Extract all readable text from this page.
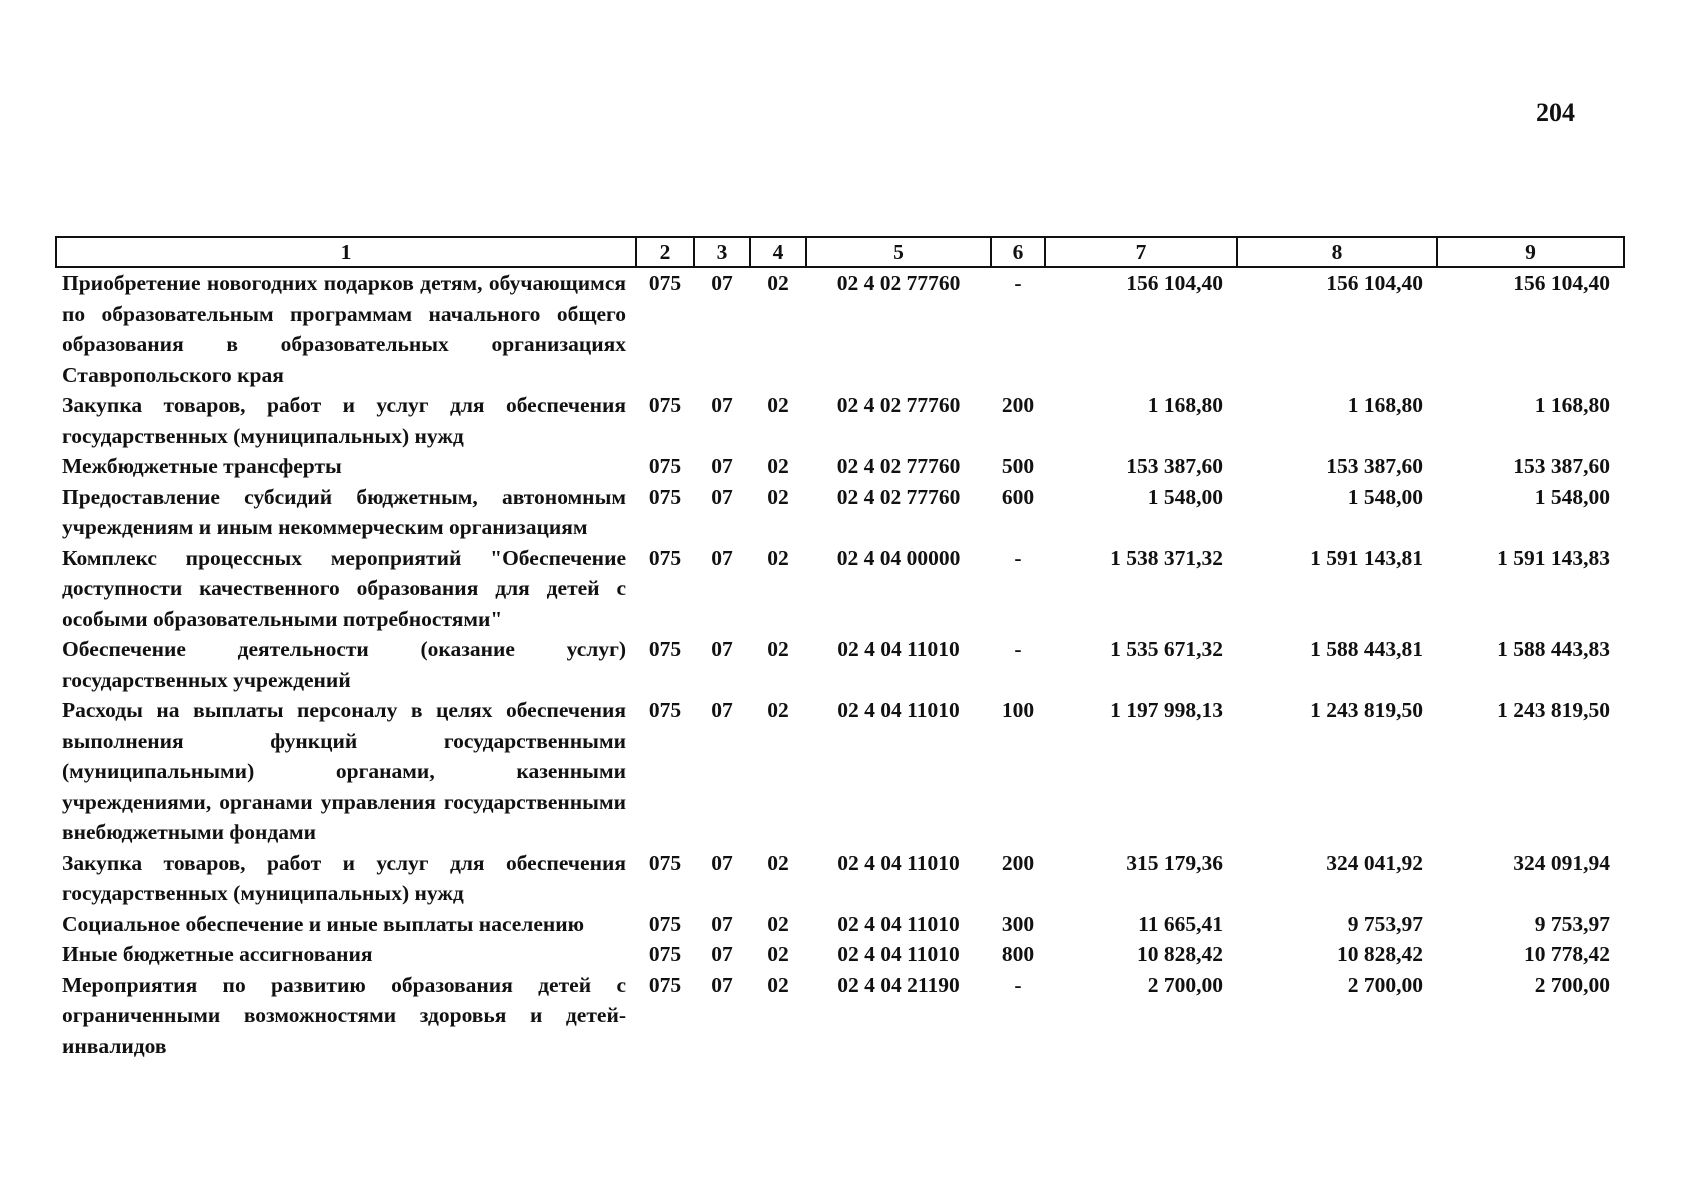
204
1	2	3	4	5	6	7	8	9
Приобретение новогодних подарков детям, обучающимся по образовательным программам начального общего образования в образовательных организациях Ставропольского края	075	07	02	02 4 02 77760	-	156 104,40	156 104,40	156 104,40
Закупка товаров, работ и услуг для обеспечения государственных (муниципальных) нужд	075	07	02	02 4 02 77760	200	1 168,80	1 168,80	1 168,80
Межбюджетные трансферты	075	07	02	02 4 02 77760	500	153 387,60	153 387,60	153 387,60
Предоставление субсидий бюджетным, автономным учреждениям и иным некоммерческим организациям	075	07	02	02 4 02 77760	600	1 548,00	1 548,00	1 548,00
Комплекс процессных мероприятий "Обеспечение доступности качественного образования для детей с особыми образовательными потребностями"	075	07	02	02 4 04 00000	-	1 538 371,32	1 591 143,81	1 591 143,83
Обеспечение деятельности (оказание услуг) государственных учреждений	075	07	02	02 4 04 11010	-	1 535 671,32	1 588 443,81	1 588 443,83
Расходы на выплаты персоналу в целях обеспечения выполнения функций государственными (муниципальными) органами, казенными учреждениями, органами управления государственными внебюджетными фондами	075	07	02	02 4 04 11010	100	1 197 998,13	1 243 819,50	1 243 819,50
Закупка товаров, работ и услуг для обеспечения государственных (муниципальных) нужд	075	07	02	02 4 04 11010	200	315 179,36	324 041,92	324 091,94
Социальное обеспечение и иные выплаты населению	075	07	02	02 4 04 11010	300	11 665,41	9 753,97	9 753,97
Иные бюджетные ассигнования	075	07	02	02 4 04 11010	800	10 828,42	10 828,42	10 778,42
Мероприятия по развитию образования детей с ограниченными возможностями здоровья и детей-инвалидов	075	07	02	02 4 04 21190	-	2 700,00	2 700,00	2 700,00
